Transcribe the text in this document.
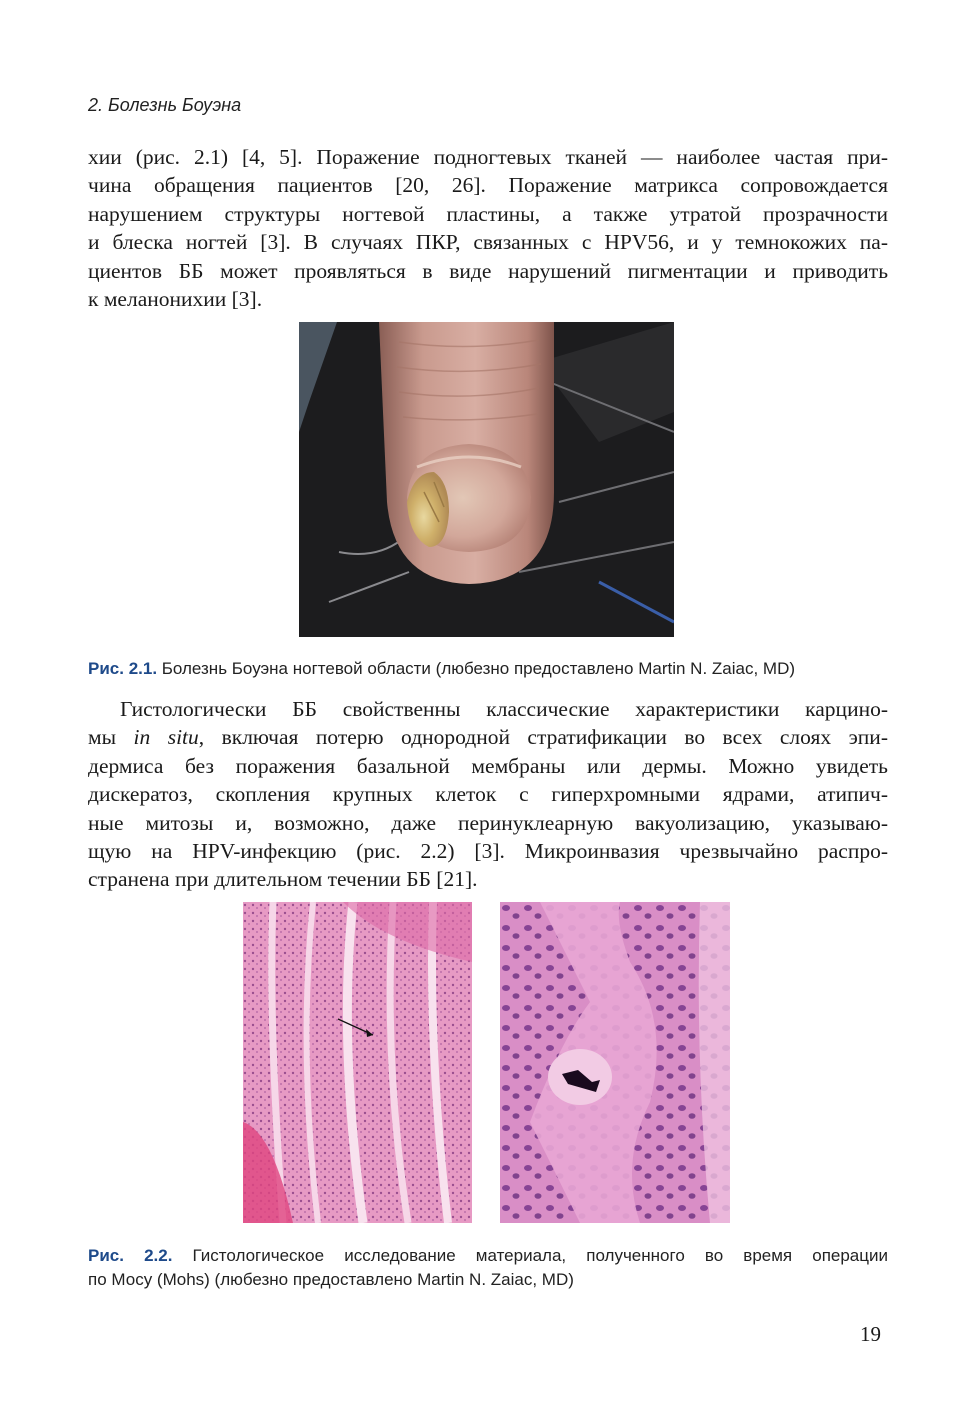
2. Болезнь Боуэна

хии (рис. 2.1) [4, 5]. Поражение подногтевых тканей — наиболее частая при-
чина обращения пациентов [20, 26]. Поражение матрикса сопровождается
нарушением структуры ногтевой пластины, а также утратой прозрачности
и блеска ногтей [3]. В случаях ПКР, связанных с HPV56, и у темнокожих па-
циентов ББ может проявляться в виде нарушений пигментации и приводить
к меланонихии [3].

Рис. 2.1. Болезнь Боуэна ногтевой области (любезно предоставлено Martin N. Zaiac, MD)

Гистологически ББ свойственны классические характеристики карцино-
мы in situ, включая потерю однородной стратификации во всех слоях эпи-
дермиса без поражения базальной мембраны или дермы. Можно увидеть
дискератоз, скопления крупных клеток с гиперхромными ядрами, атипич-
ные митозы и, возможно, даже перинуклеарную вакуолизацию, указываю-
щую на HPV-инфекцию (рис. 2.2) [3]. Микроинвазия чрезвычайно распро-
странена при длительном течении ББ [21].

Рис. 2.2. Гистологическое исследование материала, полученного во время операции
по Мосу (Mohs) (любезно предоставлено Martin N. Zaiac, MD)

19
